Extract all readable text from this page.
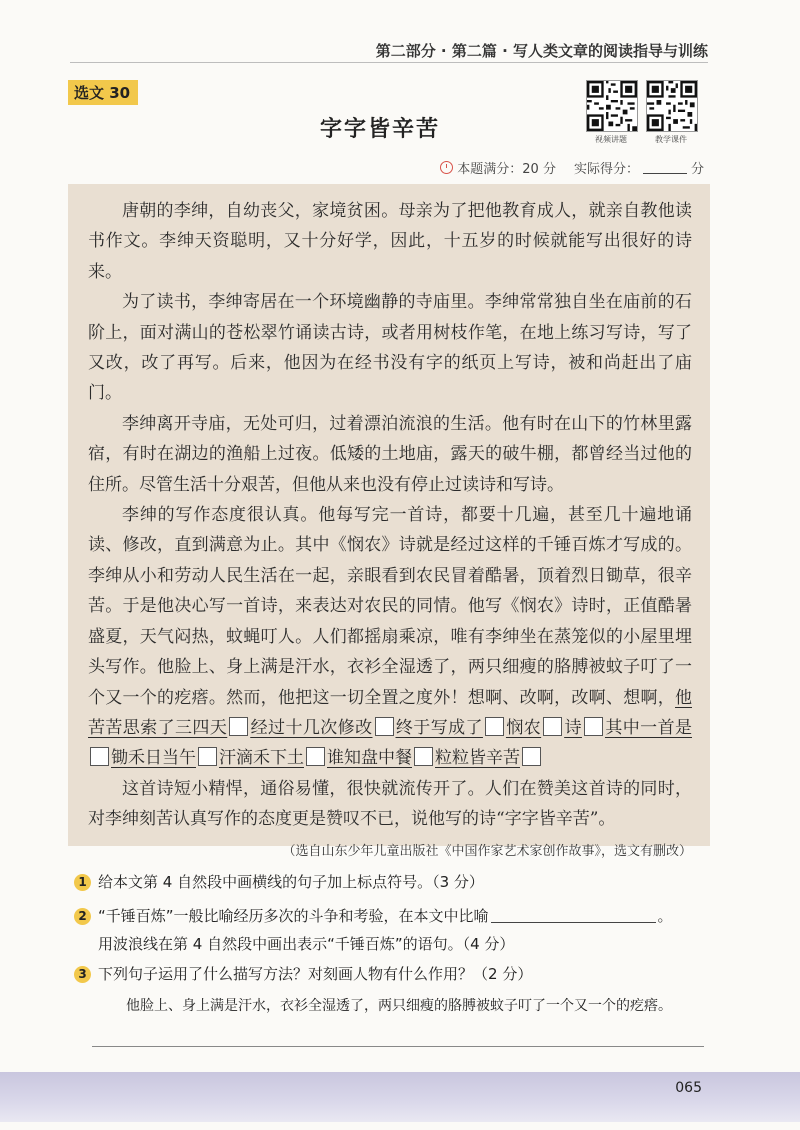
第二部分 · 第二篇 · 写人类文章的阅读指导与训练
选文 30
字字皆辛苦	视频讲题	教学课件
本题满分：20 分 实际得分：	分

唐朝的李绅，自幼丧父，家境贫困。母亲为了把他教育成人，就亲自教他读书作文。李绅天资聪明，又十分好学，因此，十五岁的时候就能写出很好的诗来。

为了读书，李绅寄居在一个环境幽静的寺庙里。李绅常常独自坐在庙前的石阶上，面对满山的苍松翠竹诵读古诗，或者用树枝作笔，在地上练习写诗，写了又改，改了再写。后来，他因为在经书没有字的纸页上写诗，被和尚赶出了庙门。

李绅离开寺庙，无处可归，过着漂泊流浪的生活。他有时在山下的竹林里露宿，有时在湖边的渔船上过夜。低矮的土地庙，露天的破牛棚，都曾经当过他的住所。尽管生活十分艰苦，但他从来也没有停止过读诗和写诗。

李绅的写作态度很认真。他每写完一首诗，都要十几遍，甚至几十遍地诵读、修改，直到满意为止。其中《悯农》诗就是经过这样的千锤百炼才写成的。李绅从小和劳动人民生活在一起，亲眼看到农民冒着酷暑，顶着烈日锄草，很辛苦。于是他决心写一首诗，来表达对农民的同情。他写《悯农》诗时，正值酷暑盛夏，天气闷热，蚊蝇叮人。人们都摇扇乘凉，唯有李绅坐在蒸笼似的小屋里埋头写作。他脸上、身上满是汗水，衣衫全湿透了，两只细瘦的胳膊被蚊子叮了一个又一个的疙瘩。然而，他把这一切全置之度外！想啊、改啊，改啊、想啊，他苦苦思索了三四天 经过十几次修改 终于写成了 悯农 诗 其中一首是锄禾日当午 汗滴禾下土 谁知盘中餐 粒粒皆辛苦

这首诗短小精悍，通俗易懂，很快就流传开了。人们在赞美这首诗的同时，对李绅刻苦认真写作的态度更是赞叹不已，说他写的诗“字字皆辛苦”。

（选自山东少年儿童出版社《中国作家艺术家创作故事》，选文有删改）
1 给本文第 4 自然段中画横线的句子加上标点符号。（3 分）
2 “千锤百炼”一般比喻经历多次的斗争和考验，在本文中比喻	。
用波浪线在第 4 自然段中画出表示“千锤百炼”的语句。（4 分）
3 下列句子运用了什么描写方法？对刻画人物有什么作用？（2 分）
他脸上、身上满是汗水，衣衫全湿透了，两只细瘦的胳膊被蚊子叮了一个又一个的疙瘩。
065
